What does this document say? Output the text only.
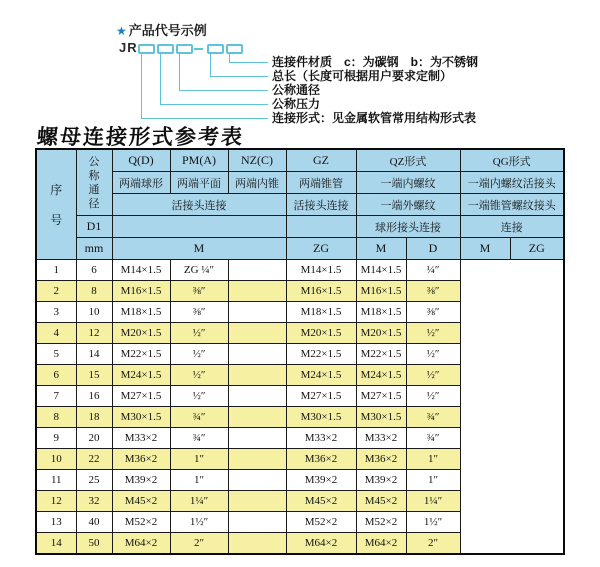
★ 产品代号示例
JR
连接件材质　c：为碳钢　b：为不锈钢
总长（长度可根据用户要求定制）
公称通径
公称压力
连接形式：见金属软管常用结构形式表
螺母连接形式参考表
序号	公称通径	Q(D)	PM(A)	NZ(C)	GZ	QZ形式		QG形式	
		两端球形	两端平面	两端内锥	两端锥管	一端内螺纹		一端内螺纹活接头	
		活接头连接			活接头连接	一端外螺纹		一端锥管螺纹接头	
	D1					球形接头连接		连接	
	mm	M			ZG	M	D	M	ZG
1	6	M14×1.5	ZG ¼″		M14×1.5	M14×1.5	¼″		
2	8	M16×1.5	⅜″		M16×1.5	M16×1.5	⅜″		
3	10	M18×1.5	⅜″		M18×1.5	M18×1.5	⅜″		
4	12	M20×1.5	½″		M20×1.5	M20×1.5	½″		
5	14	M22×1.5	½″		M22×1.5	M22×1.5	½″		
6	15	M24×1.5	½″		M24×1.5	M24×1.5	½″		
7	16	M27×1.5	½″		M27×1.5	M27×1.5	½″		
8	18	M30×1.5	¾″		M30×1.5	M30×1.5	¾″		
9	20	M33×2	¾″		M33×2	M33×2	¾″		
10	22	M36×2	1″		M36×2	M36×2	1″		
11	25	M39×2	1″		M39×2	M39×2	1″		
12	32	M45×2	1¼″		M45×2	M45×2	1¼″		
13	40	M52×2	1½″		M52×2	M52×2	1½″		
14	50	M64×2	2″		M64×2	M64×2	2″		
